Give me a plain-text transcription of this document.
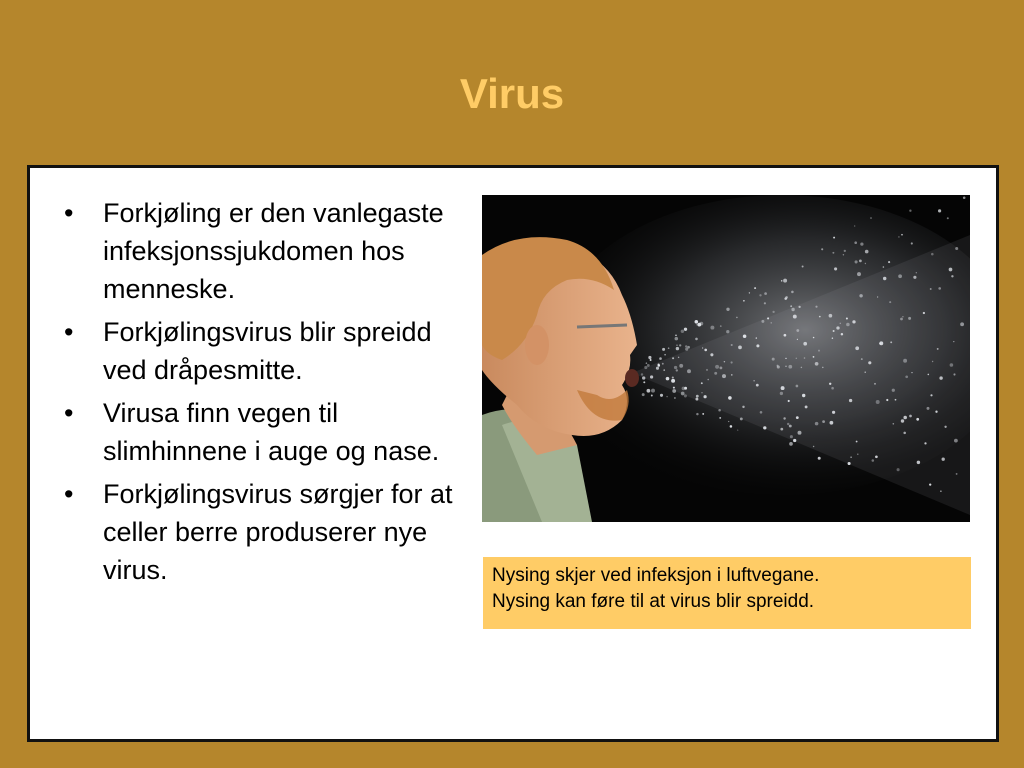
Virus
• Forkjøling er den vanlegaste infeksjonssjukdomen hos menneske.
• Forkjølingsvirus blir spreidd ved dråpesmitte.
• Virusa finn vegen til slimhinnene i auge og nase.
• Forkjølingsvirus sørgjer for at celler berre produserer nye virus.	Nysing skjer ved infeksjon i luftvegane.
Nysing kan føre til at virus blir spreidd.
